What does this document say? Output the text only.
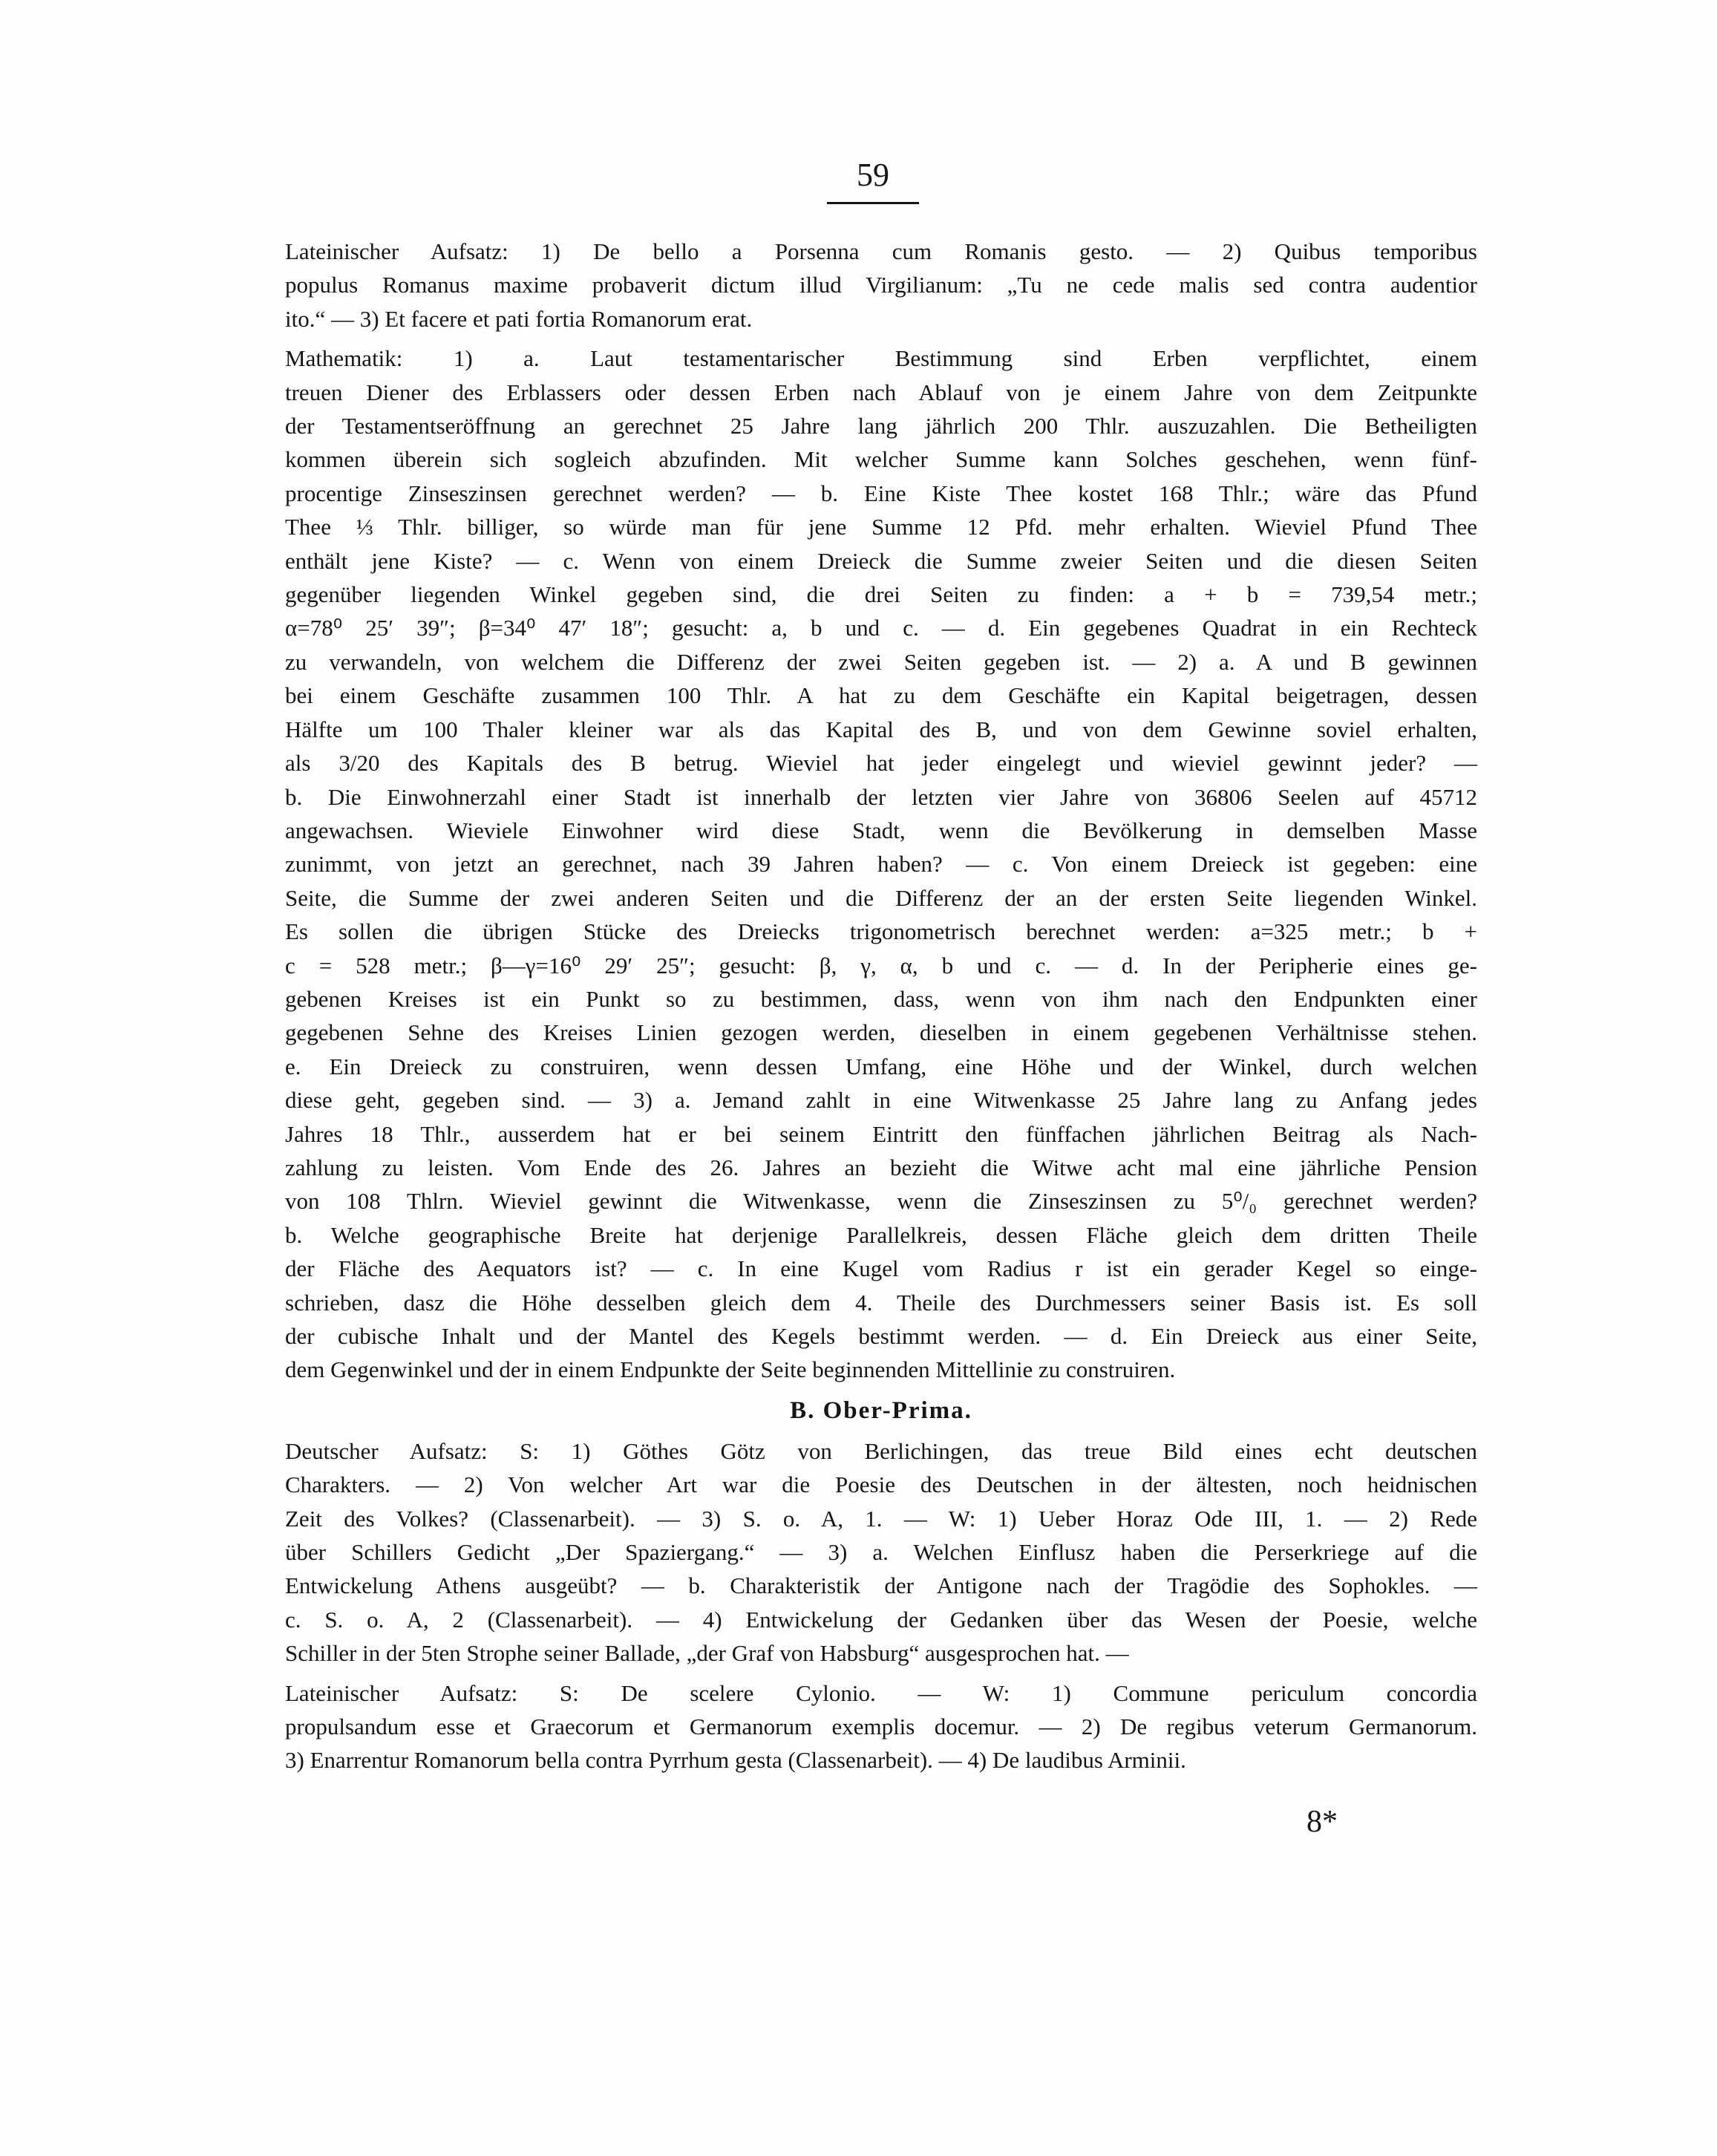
59

Lateinischer Aufsatz: 1) De bello a Porsenna cum Romanis gesto. — 2) Quibus temporibus

populus Romanus maxime probaverit dictum illud Virgilianum: „Tu ne cede malis sed contra audentior

ito.“ — 3) Et facere et pati fortia Romanorum erat.

Mathematik: 1) a. Laut testamentarischer Bestimmung sind Erben verpflichtet, einem

treuen Diener des Erblassers oder dessen Erben nach Ablauf von je einem Jahre von dem Zeitpunkte

der Testamentseröffnung an gerechnet 25 Jahre lang jährlich 200 Thlr. auszuzahlen. Die Betheiligten

kommen überein sich sogleich abzufinden. Mit welcher Summe kann Solches geschehen, wenn fünf-

procentige Zinseszinsen gerechnet werden? — b. Eine Kiste Thee kostet 168 Thlr.; wäre das Pfund

Thee ⅓ Thlr. billiger, so würde man für jene Summe 12 Pfd. mehr erhalten. Wieviel Pfund Thee

enthält jene Kiste? — c. Wenn von einem Dreieck die Summe zweier Seiten und die diesen Seiten

gegenüber liegenden Winkel gegeben sind, die drei Seiten zu finden: a + b = 739,54 metr.;

α=78⁰ 25′ 39″; β=34⁰ 47′ 18″; gesucht: a, b und c. — d. Ein gegebenes Quadrat in ein Rechteck

zu verwandeln, von welchem die Differenz der zwei Seiten gegeben ist. — 2) a. A und B gewinnen

bei einem Geschäfte zusammen 100 Thlr. A hat zu dem Geschäfte ein Kapital beigetragen, dessen

Hälfte um 100 Thaler kleiner war als das Kapital des B, und von dem Gewinne soviel erhalten,

als 3/20 des Kapitals des B betrug. Wieviel hat jeder eingelegt und wieviel gewinnt jeder? —

b. Die Einwohnerzahl einer Stadt ist innerhalb der letzten vier Jahre von 36806 Seelen auf 45712

angewachsen. Wieviele Einwohner wird diese Stadt, wenn die Bevölkerung in demselben Masse

zunimmt, von jetzt an gerechnet, nach 39 Jahren haben? — c. Von einem Dreieck ist gegeben: eine

Seite, die Summe der zwei anderen Seiten und die Differenz der an der ersten Seite liegenden Winkel.

Es sollen die übrigen Stücke des Dreiecks trigonometrisch berechnet werden: a=325 metr.; b +

c = 528 metr.; β—γ=16⁰ 29′ 25″; gesucht: β, γ, α, b und c. — d. In der Peripherie eines ge-

gebenen Kreises ist ein Punkt so zu bestimmen, dass, wenn von ihm nach den Endpunkten einer

gegebenen Sehne des Kreises Linien gezogen werden, dieselben in einem gegebenen Verhältnisse stehen.

e. Ein Dreieck zu construiren, wenn dessen Umfang, eine Höhe und der Winkel, durch welchen

diese geht, gegeben sind. — 3) a. Jemand zahlt in eine Witwenkasse 25 Jahre lang zu Anfang jedes

Jahres 18 Thlr., ausserdem hat er bei seinem Eintritt den fünffachen jährlichen Beitrag als Nach-

zahlung zu leisten. Vom Ende des 26. Jahres an bezieht die Witwe acht mal eine jährliche Pension

von 108 Thlrn. Wieviel gewinnt die Witwenkasse, wenn die Zinseszinsen zu 5⁰/₀ gerechnet werden?

b. Welche geographische Breite hat derjenige Parallelkreis, dessen Fläche gleich dem dritten Theile

der Fläche des Aequators ist? — c. In eine Kugel vom Radius r ist ein gerader Kegel so einge-

schrieben, dasz die Höhe desselben gleich dem 4. Theile des Durchmessers seiner Basis ist. Es soll

der cubische Inhalt und der Mantel des Kegels bestimmt werden. — d. Ein Dreieck aus einer Seite,

dem Gegenwinkel und der in einem Endpunkte der Seite beginnenden Mittellinie zu construiren.

B. Ober-Prima.

Deutscher Aufsatz: S: 1) Göthes Götz von Berlichingen, das treue Bild eines echt deutschen

Charakters. — 2) Von welcher Art war die Poesie des Deutschen in der ältesten, noch heidnischen

Zeit des Volkes? (Classenarbeit). — 3) S. o. A, 1. — W: 1) Ueber Horaz Ode III, 1. — 2) Rede

über Schillers Gedicht „Der Spaziergang.“ — 3) a. Welchen Einflusz haben die Perserkriege auf die

Entwickelung Athens ausgeübt? — b. Charakteristik der Antigone nach der Tragödie des Sophokles. —

c. S. o. A, 2 (Classenarbeit). — 4) Entwickelung der Gedanken über das Wesen der Poesie, welche

Schiller in der 5ten Strophe seiner Ballade, „der Graf von Habsburg“ ausgesprochen hat. —

Lateinischer Aufsatz: S: De scelere Cylonio. — W: 1) Commune periculum concordia

propulsandum esse et Graecorum et Germanorum exemplis docemur. — 2) De regibus veterum Germanorum.

3) Enarrentur Romanorum bella contra Pyrrhum gesta (Classenarbeit). — 4) De laudibus Arminii.

8*
